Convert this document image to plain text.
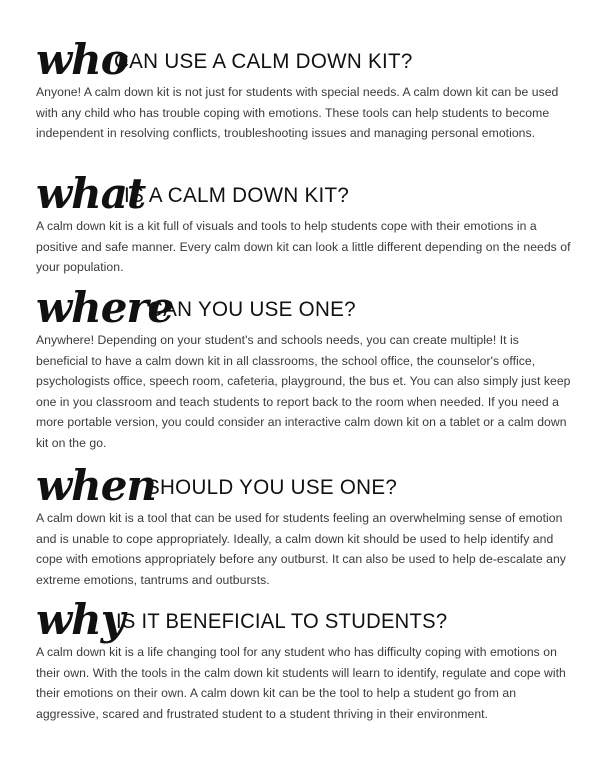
who
CAN USE A CALM DOWN KIT?

Anyone! A calm down kit is not just for students with special needs. A calm down kit can be used with any child who has trouble coping with emotions. These tools can help students to become independent in resolving conflicts, troubleshooting issues and managing personal emotions.

what
IS A CALM DOWN KIT?

A calm down kit is a kit full of visuals and tools to help students cope with their emotions in a positive and safe manner. Every calm down kit can look a little different depending on the needs of your population.

where
CAN YOU USE ONE?

Anywhere! Depending on your student's and schools needs, you can create multiple! It is beneficial to have a calm down kit in all classrooms, the school office, the counselor's office, psychologists office, speech room, cafeteria, playground, the bus et. You can also simply just keep one in you classroom and teach students to report back to the room when needed. If you need a more portable version, you could consider an interactive calm down kit on a tablet or a calm down kit on the go.

when
SHOULD YOU USE ONE?

A calm down kit is a tool that can be used for students feeling an overwhelming sense of emotion and is unable to cope appropriately. Ideally, a calm down kit should be used to help identify and cope with emotions appropriately before any outburst. It can also be used to help de-escalate any extreme emotions, tantrums and outbursts.

why
IS IT BENEFICIAL TO STUDENTS?

A calm down kit is a life changing tool for any student who has difficulty coping with emotions on their own. With the tools in the calm down kit students will learn to identify, regulate and cope with their emotions on their own. A calm down kit can be the tool to help a student go from an aggressive, scared and frustrated student to a student thriving in their environment.
